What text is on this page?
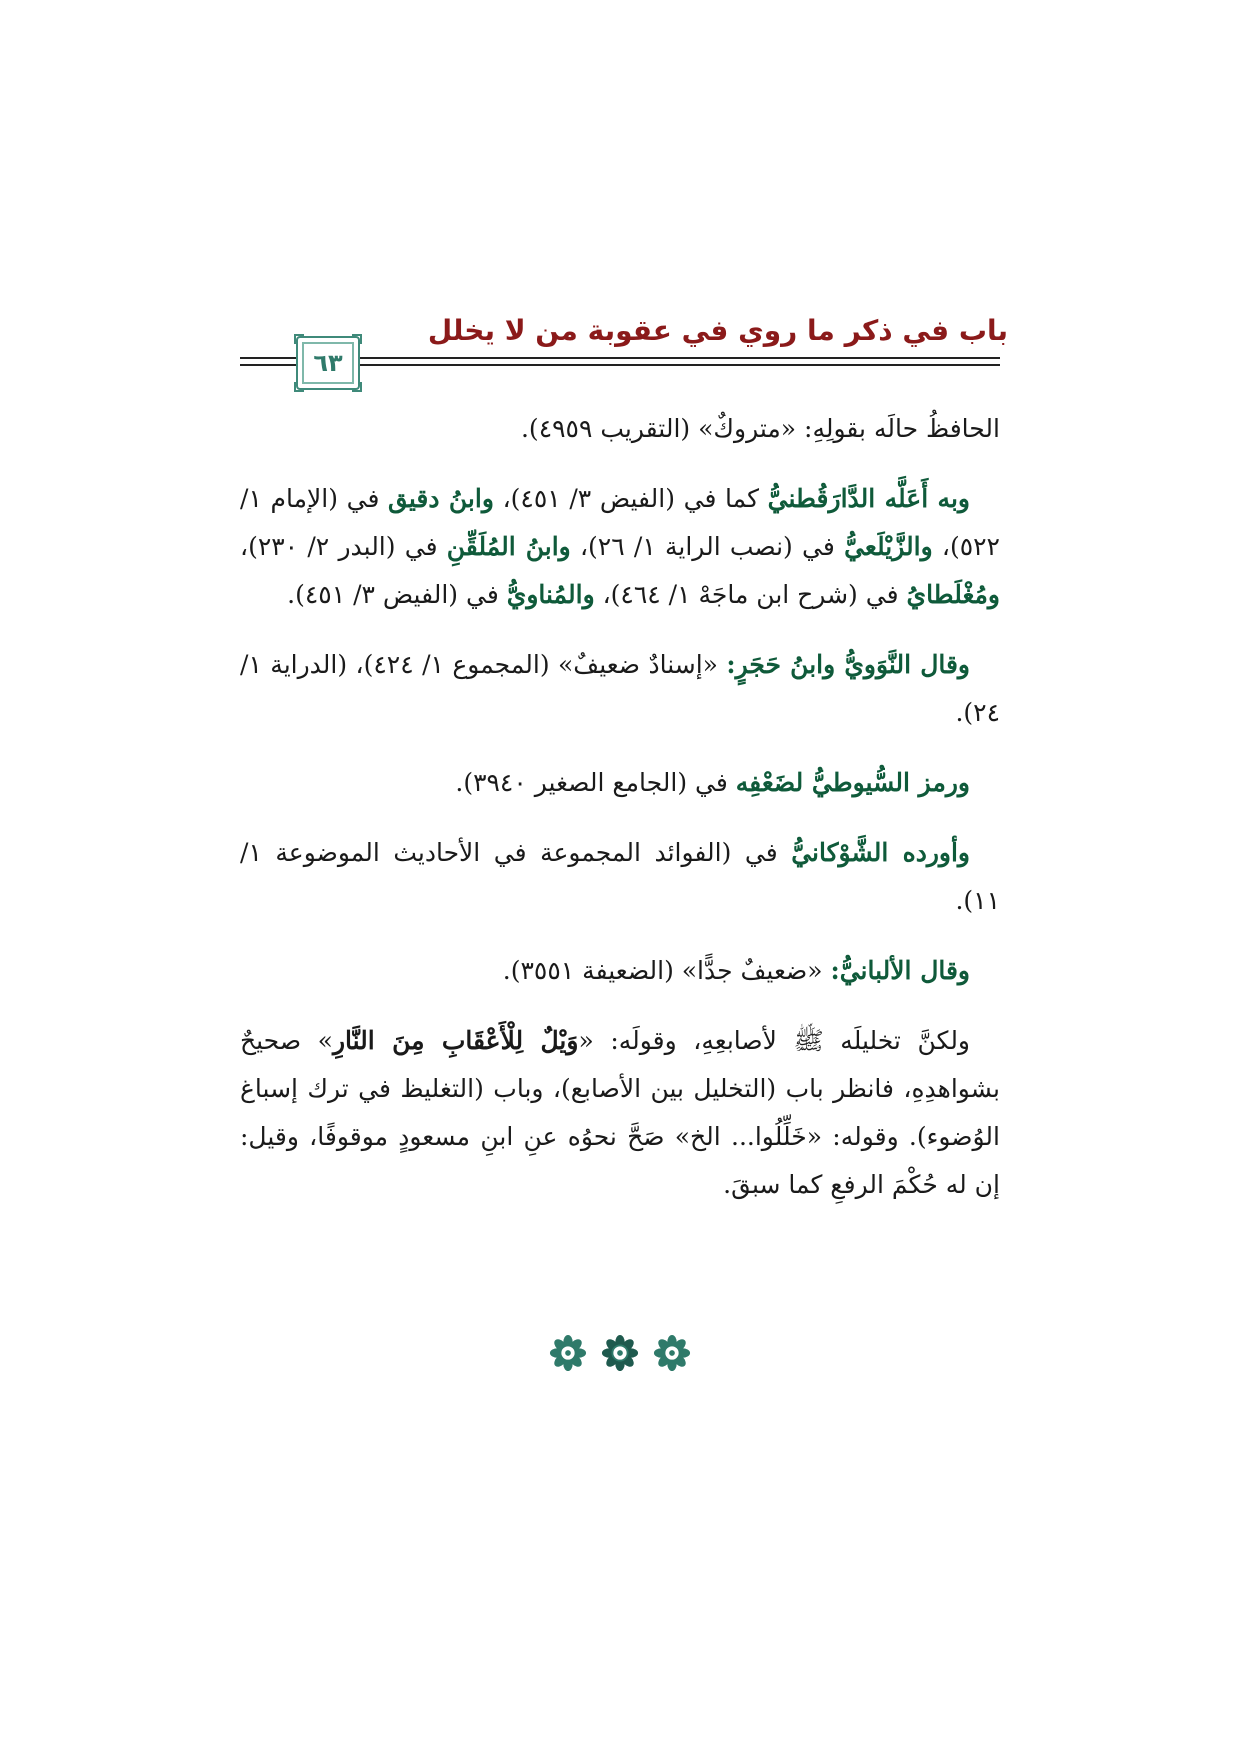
باب في ذكر ما روي في عقوبة من لا يخلل
٦٣

الحافظُ حالَه بقولِهِ: «متروكٌ» (التقريب ٤٩٥٩).

وبه أَعَلَّه الدَّارَقُطنيُّ كما في (الفيض ٣/ ٤٥١)، وابنُ دقيق في (الإمام ١/ ٥٢٢)، والزَّيْلَعيُّ في (نصب الراية ١/ ٢٦)، وابنُ المُلَقِّنِ في (البدر ٢/ ٢٣٠)، ومُغْلَطايُ في (شرح ابن ماجَهْ ١/ ٤٦٤)، والمُناويُّ في (الفيض ٣/ ٤٥١).

وقال النَّوَويُّ وابنُ حَجَرٍ: «إسنادٌ ضعيفٌ» (المجموع ١/ ٤٢٤)، (الدراية ١/ ٢٤).

ورمز السُّيوطيُّ لضَعْفِه في (الجامع الصغير ٣٩٤٠).

وأورده الشَّوْكانيُّ في (الفوائد المجموعة في الأحاديث الموضوعة ١/ ١١).

وقال الألبانيُّ: «ضعيفٌ جدًّا» (الضعيفة ٣٥٥١).

ولكنَّ تخليلَه ﷺ لأصابعِهِ، وقولَه: «وَيْلٌ لِلْأَعْقَابِ مِنَ النَّارِ» صحيحٌ بشواهدِهِ، فانظر باب (التخليل بين الأصابع)، وباب (التغليظ في ترك إسباغ الوُضوء). وقوله: «خَلِّلُوا... الخ» صَحَّ نحوُه عنِ ابنِ مسعودٍ موقوفًا، وقيل: إن له حُكْمَ الرفعِ كما سبقَ.
